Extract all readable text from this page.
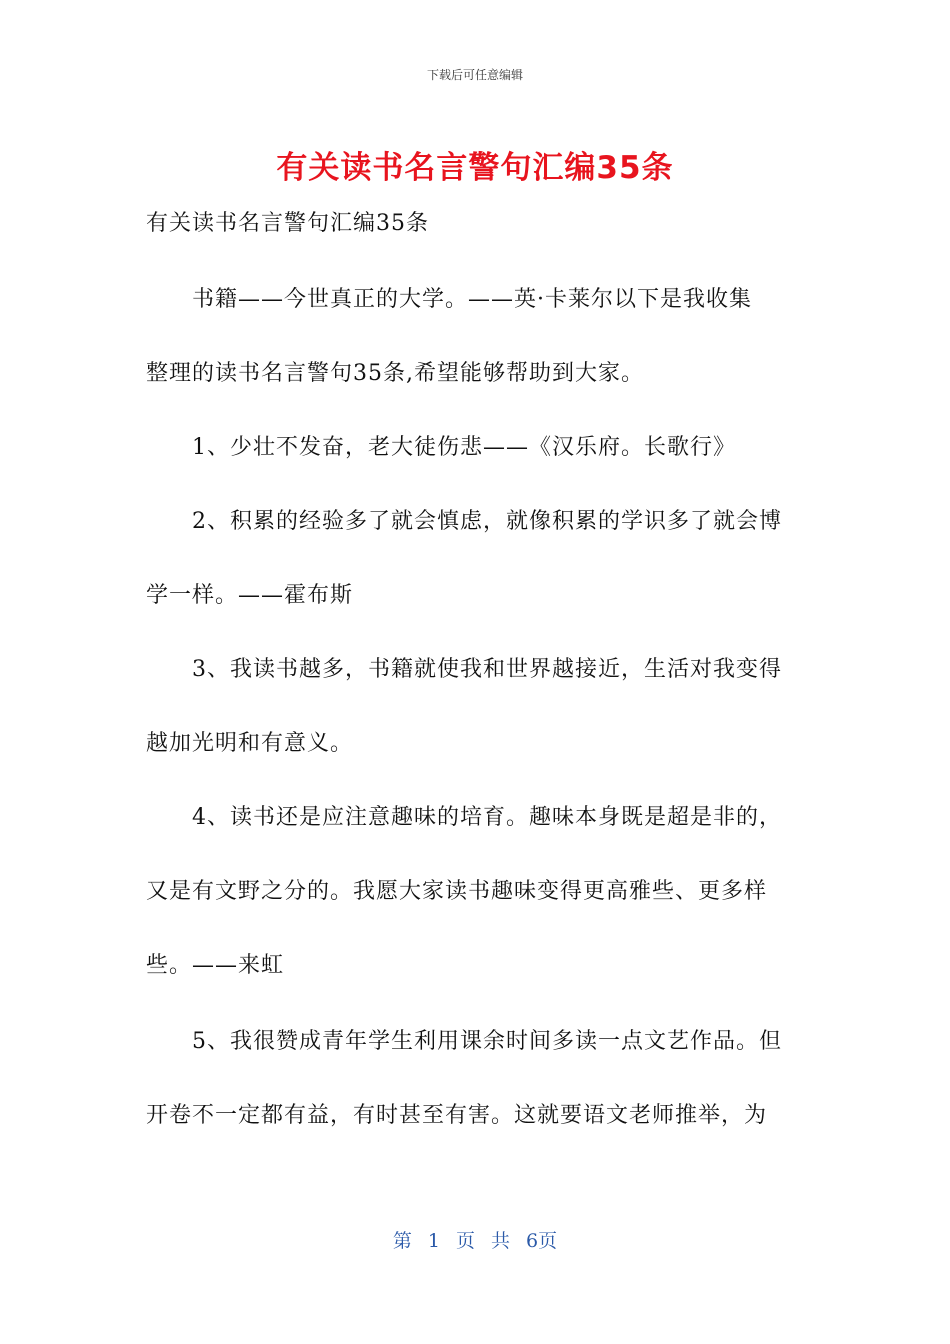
下载后可任意编辑
有关读书名言警句汇编35条
有关读书名言警句汇编35条
　　书籍——今世真正的大学。——英·卡莱尔以下是我收集
整理的读书名言警句35条,希望能够帮助到大家。
　　1、少壮不发奋，老大徒伤悲——《汉乐府。长歌行》
　　2、积累的经验多了就会慎虑，就像积累的学识多了就会博
学一样。——霍布斯
　　3、我读书越多，书籍就使我和世界越接近，生活对我变得
越加光明和有意义。
　　4、读书还是应注意趣味的培育。趣味本身既是超是非的，
又是有文野之分的。我愿大家读书趣味变得更高雅些、更多样
些。——来虹
　　5、我很赞成青年学生利用课余时间多读一点文艺作品。但
开卷不一定都有益，有时甚至有害。这就要语文老师推举，为
第 1 页 共 6页
